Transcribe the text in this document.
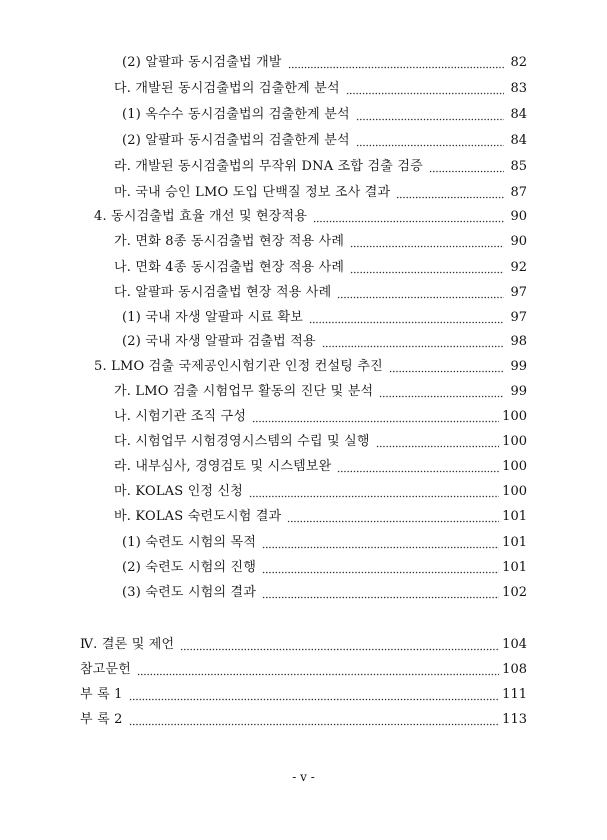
(2) 알팔파 동시검출법 개발	82
다. 개발된 동시검출법의 검출한계 분석	83
(1) 옥수수 동시검출법의 검출한계 분석	84
(2) 알팔파 동시검출법의 검출한계 분석	84
라. 개발된 동시검출법의 무작위 DNA 조합 검출 검증	85
마. 국내 승인 LMO 도입 단백질 정보 조사 결과	87
4. 동시검출법 효율 개선 및 현장적용	90
가. 면화 8종 동시검출법 현장 적용 사례	90
나. 면화 4종 동시검출법 현장 적용 사례	92
다. 알팔파 동시검출법 현장 적용 사례	97
(1) 국내 자생 알팔파 시료 확보	97
(2) 국내 자생 알팔파 검출법 적용	98
5. LMO 검출 국제공인시험기관 인정 컨설팅 추진	99
가. LMO 검출 시험업무 활동의 진단 및 분석	99
나. 시험기관 조직 구성	100
다. 시험업무 시험경영시스템의 수립 및 실행	100
라. 내부심사, 경영검토 및 시스템보완	100
마. KOLAS 인정 신청	100
바. KOLAS 숙련도시험 결과	101
(1) 숙련도 시험의 목적	101
(2) 숙련도 시험의 진행	101
(3) 숙련도 시험의 결과	102
Ⅳ. 결론 및 제언	104
참고문헌	108
부 록 1	111
부 록 2	113
- v -
